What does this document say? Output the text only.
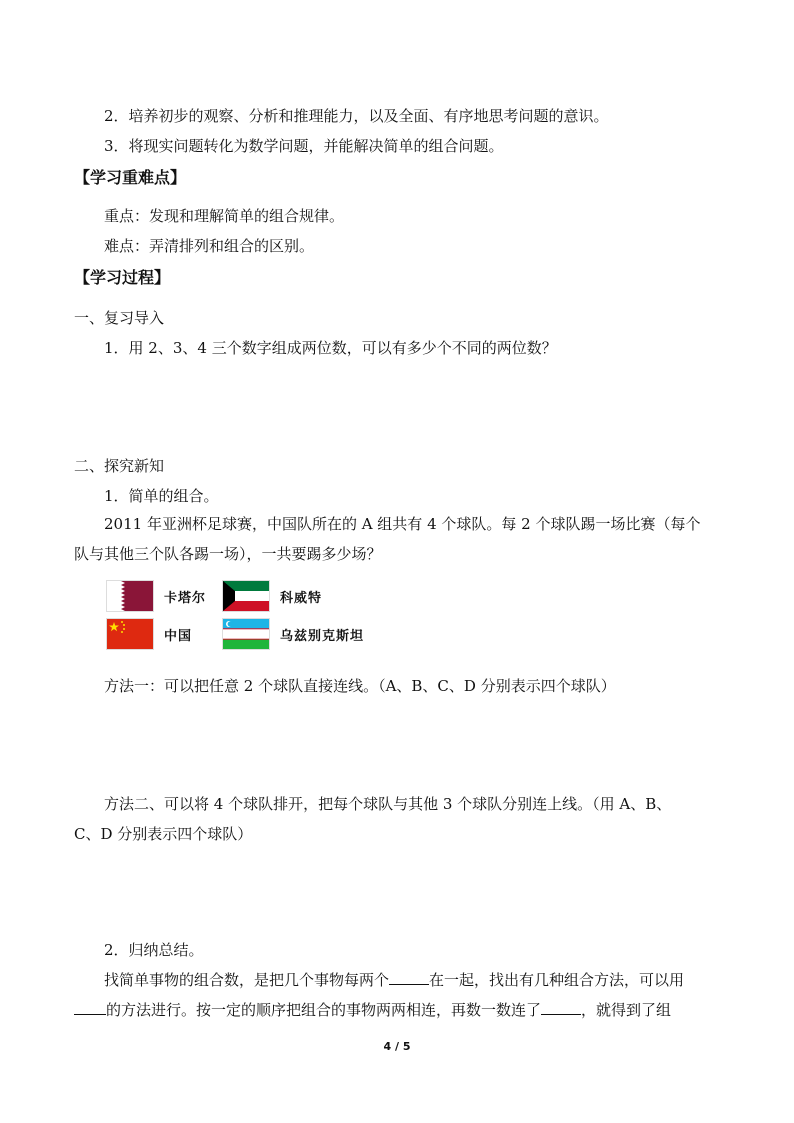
2．培养初步的观察、分析和推理能力，以及全面、有序地思考问题的意识。
3．将现实问题转化为数学问题，并能解决简单的组合问题。
【学习重难点】
重点：发现和理解简单的组合规律。
难点：弄清排列和组合的区别。
【学习过程】
一、复习导入
1．用 2、3、4 三个数字组成两位数，可以有多少个不同的两位数？
二、探究新知
1．简单的组合。
2011 年亚洲杯足球赛，中国队所在的 A 组共有 4 个球队。每 2 个球队踢一场比赛（每个
队与其他三个队各踢一场），一共要踢多少场？
卡塔尔	科威特
中国	乌兹别克斯坦
方法一：可以把任意 2 个球队直接连线。（A、B、C、D 分别表示四个球队）
方法二、可以将 4 个球队排开，把每个球队与其他 3 个球队分别连上线。（用 A、B、
C、D 分别表示四个球队）
2．归纳总结。
找简单事物的组合数，是把几个事物每两个	在一起，找出有几种组合方法，可以用
的方法进行。按一定的顺序把组合的事物两两相连，再数一数连了	，就得到了组
4 / 5
